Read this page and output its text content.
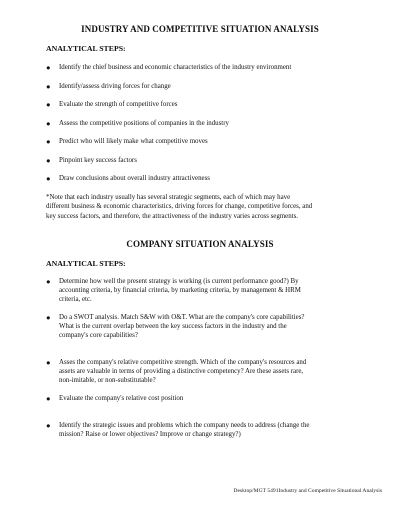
INDUSTRY AND COMPETITIVE SITUATION ANALYSIS
ANALYTICAL STEPS:
● Identify the chief business and economic characteristics of the industry environment
● Identify/assess driving forces for change
● Evaluate the strength of competitive forces
● Assess the competitive positions of companies in the industry
● Predict who will likely make what competitive moves
● Pinpoint key success factors
● Draw conclusions about overall industry attractiveness
*Note that each industry usually has several strategic segments, each of which may have
different business & economic characteristics, driving forces for change, competitive forces, and
key success factors, and therefore, the attractiveness of the industry varies across segments.
COMPANY SITUATION ANALYSIS
ANALYTICAL STEPS:
● Determine how well the present strategy is working (is current performance good?) By
accounting criteria, by financial criteria, by marketing criteria, by management & HRM
criteria, etc.
● Do a SWOT analysis. Match S&W with O&T. What are the company's core capabilities?
What is the current overlap between the key success factors in the industry and the
company's core capabilities?
● Asses the company's relative competitive strength. Which of the company's resources and
assets are valuable in terms of providing a distinctive competency? Are these assets rare,
non-imitable, or non-substitutable?
● Evaluate the company's relative cost position
● Identify the strategic issues and problems which the company needs to address (change the
mission? Raise or lower objectives? Improve or change strategy?)
Desktop/MGT 5491Industry and Competitive Situational Analysis
